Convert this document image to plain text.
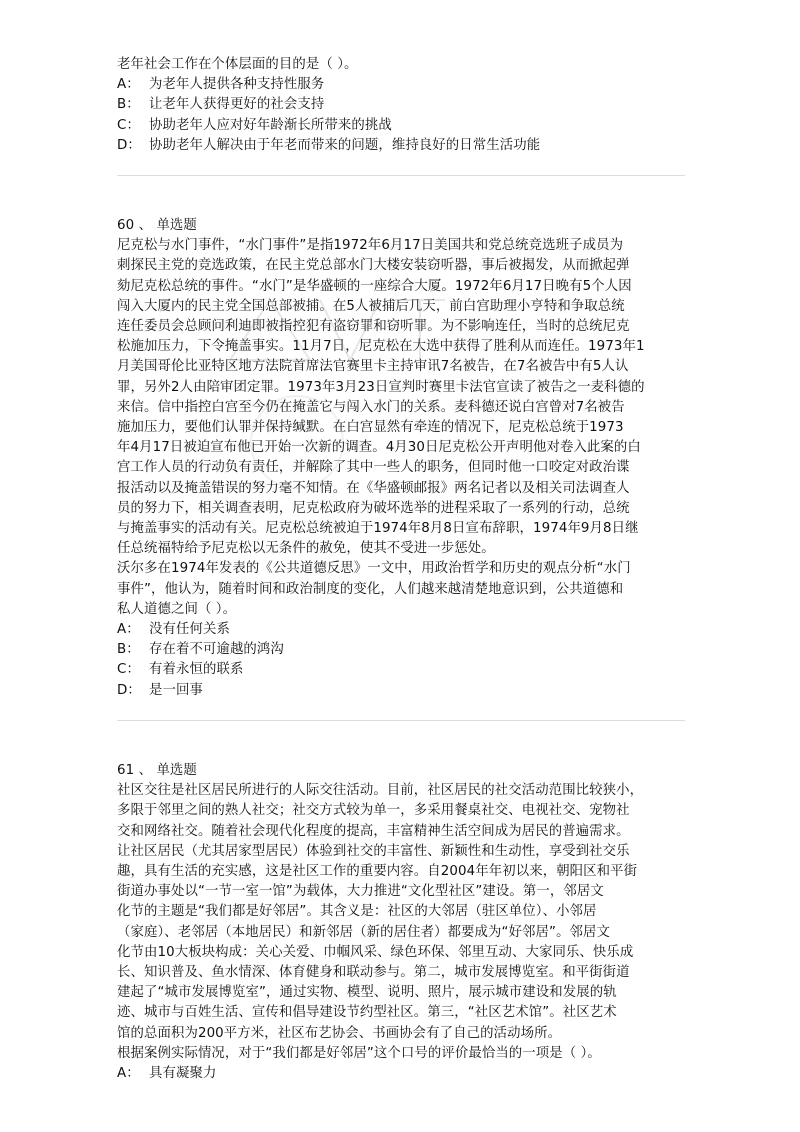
老年社会工作在个体层面的目的是（ ）。
A： 为老年人提供各种支持性服务
B： 让老年人获得更好的社会支持
C： 协助老年人应对好年龄渐长所带来的挑战
D： 协助老年人解决由于年老而带来的问题，维持良好的日常生活功能
60 、 单选题
尼克松与水门事件，“水门事件”是指1972年6月17日美国共和党总统竞选班子成员为
刺探民主党的竞选政策，在民主党总部水门大楼安装窃听器，事后被揭发，从而掀起弹
劾尼克松总统的事件。“水门”是华盛顿的一座综合大厦。1972年6月17日晚有5个人因
闯入大厦内的民主党全国总部被捕。在5人被捕后几天，前白宫助理小亨特和争取总统
连任委员会总顾问利迪即被指控犯有盗窃罪和窃听罪。为不影响连任，当时的总统尼克
松施加压力，下令掩盖事实。11月7日，尼克松在大选中获得了胜利从而连任。1973年1
月美国哥伦比亚特区地方法院首席法官赛里卡主持审讯7名被告，在7名被告中有5人认
罪，另外2人由陪审团定罪。1973年3月23日宣判时赛里卡法官宣读了被告之一麦科德的
来信。信中指控白宫至今仍在掩盖它与闯入水门的关系。麦科德还说白宫曾对7名被告
施加压力，要他们认罪并保持缄默。在白宫显然有牵连的情况下，尼克松总统于1973
年4月17日被迫宣布他已开始一次新的调查。4月30日尼克松公开声明他对卷入此案的白
宫工作人员的行动负有责任，并解除了其中一些人的职务，但同时他一口咬定对政治谍
报活动以及掩盖错误的努力毫不知情。在《华盛顿邮报》两名记者以及相关司法调查人
员的努力下，相关调查表明，尼克松政府为破坏选举的进程采取了一系列的行动，总统
与掩盖事实的活动有关。尼克松总统被迫于1974年8月8日宣布辞职，1974年9月8日继
任总统福特给予尼克松以无条件的赦免，使其不受进一步惩处。
沃尔多在1974年发表的《公共道德反思》一文中，用政治哲学和历史的观点分析“水门
事件”，他认为，随着时间和政治制度的变化，人们越来越清楚地意识到，公共道德和
私人道德之间（ ）。
A： 没有任何关系
B： 存在着不可逾越的鸿沟
C： 有着永恒的联系
D： 是一回事
61 、 单选题
社区交往是社区居民所进行的人际交往活动。目前，社区居民的社交活动范围比较狭小，
多限于邻里之间的熟人社交；社交方式较为单一，多采用餐桌社交、电视社交、宠物社
交和网络社交。随着社会现代化程度的提高，丰富精神生活空间成为居民的普遍需求。
让社区居民（尤其居家型居民）体验到社交的丰富性、新颖性和生动性，享受到社交乐
趣，具有生活的充实感，这是社区工作的重要内容。自2004年年初以来，朝阳区和平街
街道办事处以“一节一室一馆”为载体，大力推进“文化型社区”建设。第一，邻居文
化节的主题是“我们都是好邻居”。其含义是：社区的大邻居（驻区单位）、小邻居
（家庭）、老邻居（本地居民）和新邻居（新的居住者）都要成为“好邻居”。邻居文
化节由10大板块构成：关心关爱、巾帼风采、绿色环保、邻里互动、大家同乐、快乐成
长、知识普及、鱼水情深、体育健身和联动参与。第二，城市发展博览室。和平街街道
建起了“城市发展博览室”，通过实物、模型、说明、照片，展示城市建设和发展的轨
迹、城市与百姓生活、宣传和倡导建设节约型社区。第三，“社区艺术馆”。社区艺术
馆的总面积为200平方米，社区布艺协会、书画协会有了自己的活动场所。
根据案例实际情况，对于“我们都是好邻居”这个口号的评价最恰当的一项是（ ）。
A： 具有凝聚力
